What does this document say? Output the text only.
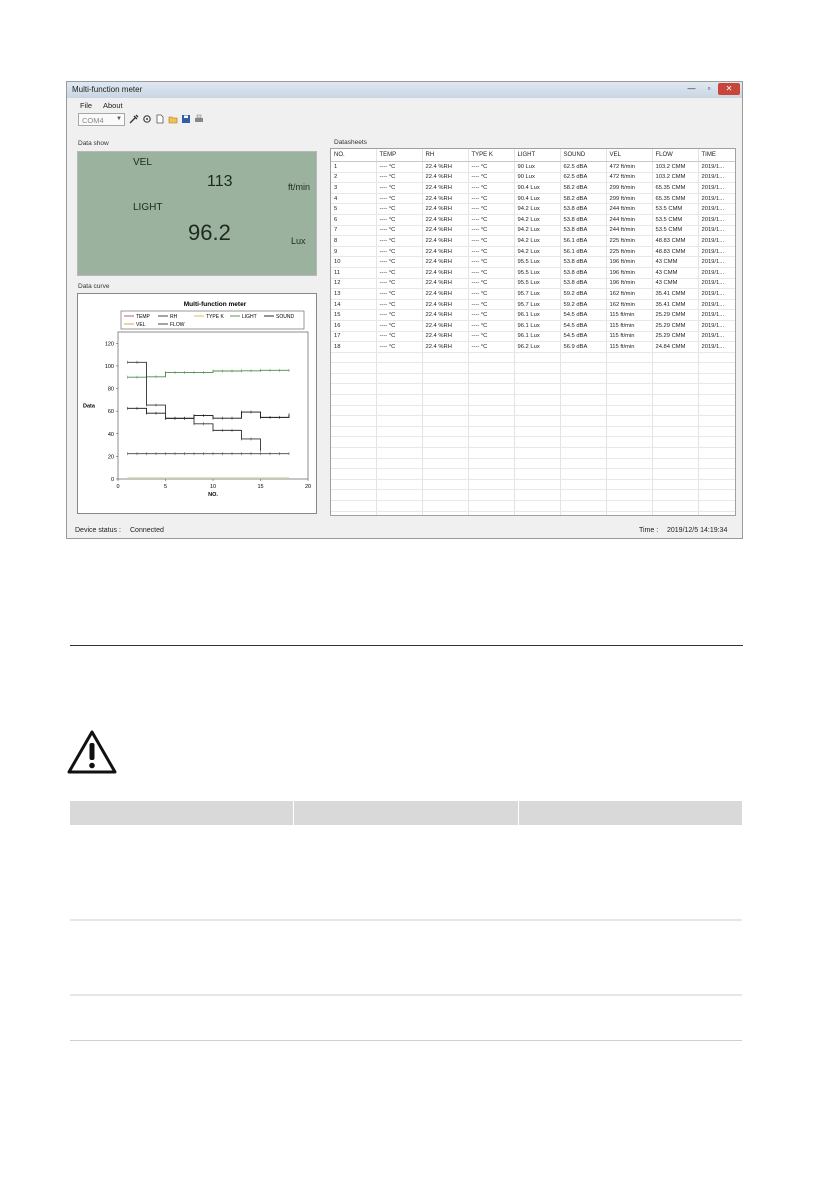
Multi-function meter	—	▫	✕
File About
COM4 ▼
Data show
VEL
113	ft/min
LIGHT
96.2	Lux
Data curve
Multi-function meter
TEMP	RH	TYPE K	LIGHT	SOUND
VEL	FLOW
0
20
40
60
80
100
120
0	5	10	15	20
NO.
Data
Datasheets
NO.	TEMP	RH	TYPE K	LIGHT	SOUND	VEL	FLOW	TIME
1	---- °C	22.4 %RH	---- °C	90 Lux	62.5 dBA	472 ft/min	103.2 CMM	2019/1...
2	---- °C	22.4 %RH	---- °C	90 Lux	62.5 dBA	472 ft/min	103.2 CMM	2019/1...
3	---- °C	22.4 %RH	---- °C	90.4 Lux	58.2 dBA	299 ft/min	65.35 CMM	2019/1...
4	---- °C	22.4 %RH	---- °C	90.4 Lux	58.2 dBA	299 ft/min	65.35 CMM	2019/1...
5	---- °C	22.4 %RH	---- °C	94.2 Lux	53.8 dBA	244 ft/min	53.5 CMM	2019/1...
6	---- °C	22.4 %RH	---- °C	94.2 Lux	53.8 dBA	244 ft/min	53.5 CMM	2019/1...
7	---- °C	22.4 %RH	---- °C	94.2 Lux	53.8 dBA	244 ft/min	53.5 CMM	2019/1...
8	---- °C	22.4 %RH	---- °C	94.2 Lux	56.1 dBA	225 ft/min	48.83 CMM	2019/1...
9	---- °C	22.4 %RH	---- °C	94.2 Lux	56.1 dBA	225 ft/min	48.83 CMM	2019/1...
10	---- °C	22.4 %RH	---- °C	95.5 Lux	53.8 dBA	196 ft/min	43 CMM	2019/1...
11	---- °C	22.4 %RH	---- °C	95.5 Lux	53.8 dBA	196 ft/min	43 CMM	2019/1...
12	---- °C	22.4 %RH	---- °C	95.5 Lux	53.8 dBA	196 ft/min	43 CMM	2019/1...
13	---- °C	22.4 %RH	---- °C	95.7 Lux	59.2 dBA	162 ft/min	35.41 CMM	2019/1...
14	---- °C	22.4 %RH	---- °C	95.7 Lux	59.2 dBA	162 ft/min	35.41 CMM	2019/1...
15	---- °C	22.4 %RH	---- °C	96.1 Lux	54.5 dBA	115 ft/min	25.29 CMM	2019/1...
16	---- °C	22.4 %RH	---- °C	96.1 Lux	54.5 dBA	115 ft/min	25.29 CMM	2019/1...
17	---- °C	22.4 %RH	---- °C	96.1 Lux	54.5 dBA	115 ft/min	25.29 CMM	2019/1...
18	---- °C	22.4 %RH	---- °C	96.2 Lux	56.9 dBA	115 ft/min	24.84 CMM	2019/1...

Device status : Connected	Time : 2019/12/5 14:19:34
